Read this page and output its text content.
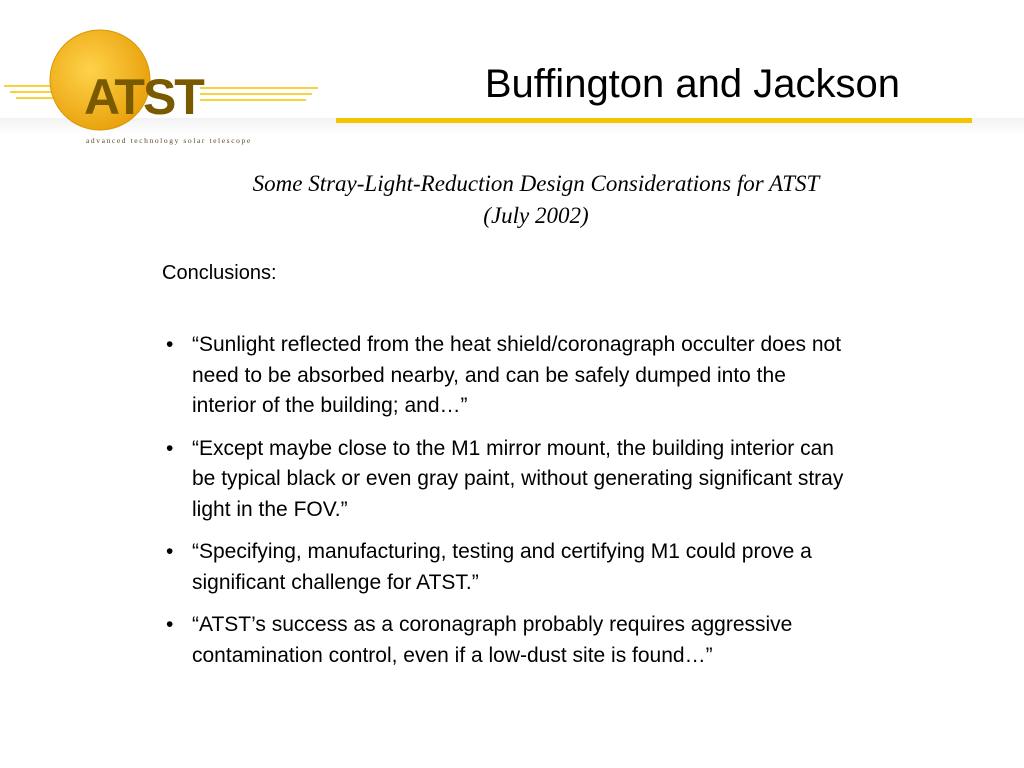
ATST
advanced technology solar telescope
Buffington and Jackson
Some Stray-Light-Reduction Design Considerations for ATST
(July 2002)
Conclusions:
• “Sunlight reflected from the heat shield/coronagraph occulter does not need to be absorbed nearby, and can be safely dumped into the interior of the building; and…”
• “Except maybe close to the M1 mirror mount, the building interior can be typical black or even gray paint, without generating significant stray light in the FOV.”
• “Specifying, manufacturing, testing and certifying M1 could prove a significant challenge for ATST.”
• “ATST’s success as a coronagraph probably requires aggressive contamination control, even if a low-dust site is found…”
